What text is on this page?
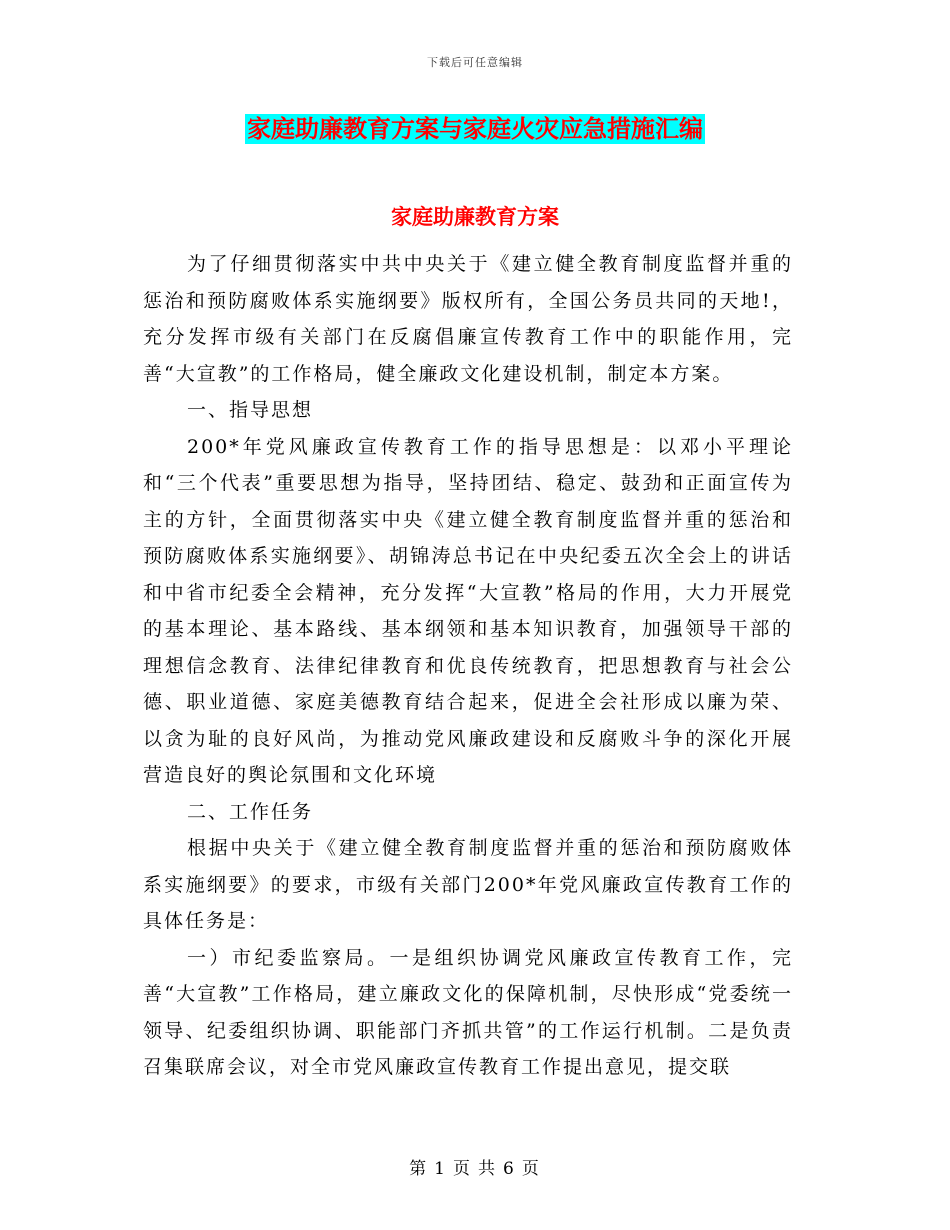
下载后可任意编辑
家庭助廉教育方案与家庭火灾应急措施汇编
家庭助廉教育方案

为了仔细贯彻落实中共中央关于《建立健全教育制度监督并重的惩治和预防腐败体系实施纲要》版权所有，全国公务员共同的天地!，充分发挥市级有关部门在反腐倡廉宣传教育工作中的职能作用，完善“大宣教”的工作格局，健全廉政文化建设机制，制定本方案。

一、指导思想

200*年党风廉政宣传教育工作的指导思想是：以邓小平理论和“三个代表”重要思想为指导，坚持团结、稳定、鼓劲和正面宣传为主的方针，全面贯彻落实中央《建立健全教育制度监督并重的惩治和预防腐败体系实施纲要》、胡锦涛总书记在中央纪委五次全会上的讲话和中省市纪委全会精神，充分发挥“大宣教”格局的作用，大力开展党的基本理论、基本路线、基本纲领和基本知识教育，加强领导干部的理想信念教育、法律纪律教育和优良传统教育，把思想教育与社会公德、职业道德、家庭美德教育结合起来，促进全会社形成以廉为荣、以贪为耻的良好风尚，为推动党风廉政建设和反腐败斗争的深化开展营造良好的舆论氛围和文化环境

二、工作任务

根据中央关于《建立健全教育制度监督并重的惩治和预防腐败体系实施纲要》的要求，市级有关部门200*年党风廉政宣传教育工作的具体任务是：

一）市纪委监察局。一是组织协调党风廉政宣传教育工作，完善“大宣教”工作格局，建立廉政文化的保障机制，尽快形成“党委统一领导、纪委组织协调、职能部门齐抓共管”的工作运行机制。二是负责召集联席会议，对全市党风廉政宣传教育工作提出意见，提交联

第 1 页 共 6 页
